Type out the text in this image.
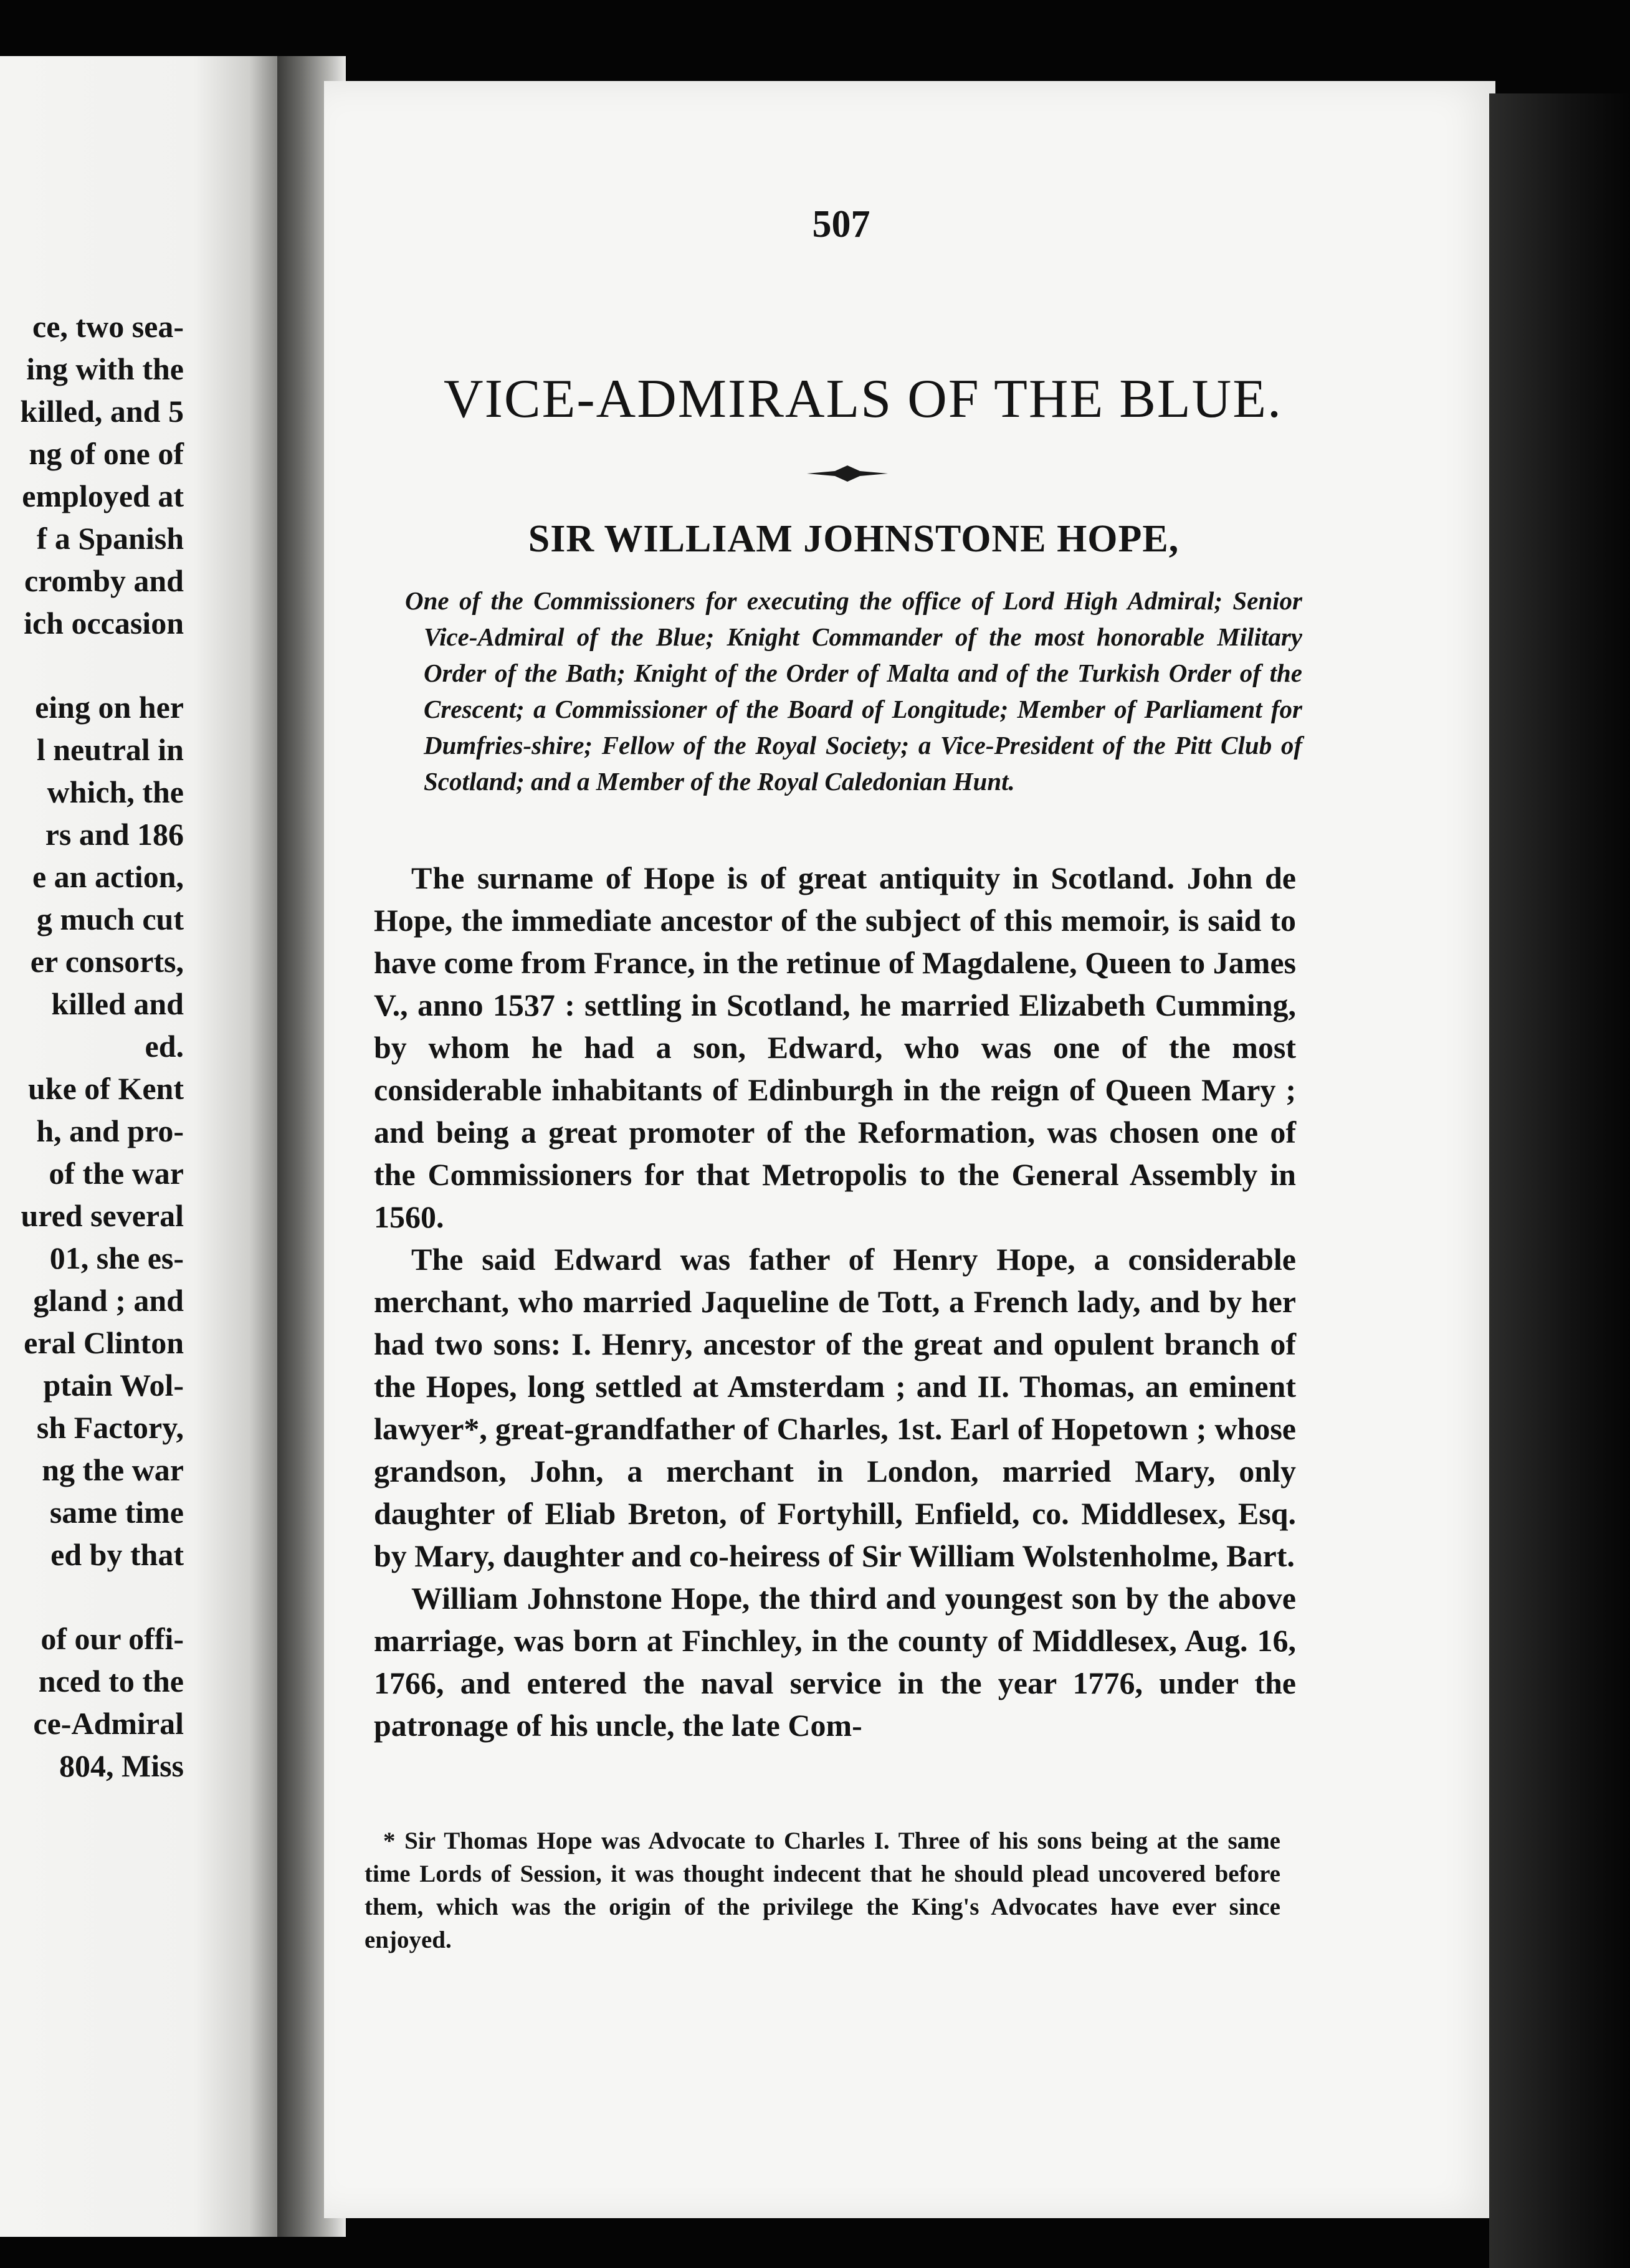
ce, two sea-
ing with the
killed, and 5
ng of one of
employed at
f a Spanish
cromby and
ich occasion
eing on her
l neutral in
which, the
rs and 186
e an action,
g much cut
er consorts,
killed and
ed.
uke of Kent
h, and pro-
of the war
ured several
01, she es-
gland ; and
eral Clinton
ptain Wol-
sh Factory,
ng the war
same time
ed by that
of our offi-
nced to the
ce-Admiral
804, Miss
507
VICE-ADMIRALS OF THE BLUE.
SIR WILLIAM JOHNSTONE HOPE,
One of the Commissioners for executing the office of Lord High Admiral; Senior Vice-Admiral of the Blue; Knight Commander of the most honorable Military Order of the Bath; Knight of the Order of Malta and of the Turkish Order of the Crescent; a Commissioner of the Board of Longitude; Member of Parliament for Dumfries-shire; Fellow of the Royal Society; a Vice-President of the Pitt Club of Scotland; and a Member of the Royal Caledonian Hunt.

The surname of Hope is of great antiquity in Scotland. John de Hope, the immediate ancestor of the subject of this memoir, is said to have come from France, in the retinue of Magdalene, Queen to James V., anno 1537 : settling in Scotland, he married Elizabeth Cumming, by whom he had a son, Edward, who was one of the most considerable inhabitants of Edinburgh in the reign of Queen Mary ; and being a great promoter of the Reformation, was chosen one of the Commissioners for that Metropolis to the General Assembly in 1560.

The said Edward was father of Henry Hope, a considerable merchant, who married Jaqueline de Tott, a French lady, and by her had two sons: I. Henry, ancestor of the great and opulent branch of the Hopes, long settled at Amsterdam ; and II. Thomas, an eminent lawyer*, great-grandfather of Charles, 1st. Earl of Hopetown ; whose grandson, John, a merchant in London, married Mary, only daughter of Eliab Breton, of Fortyhill, Enfield, co. Middlesex, Esq. by Mary, daughter and co-heiress of Sir William Wolstenholme, Bart.

William Johnstone Hope, the third and youngest son by the above marriage, was born at Finchley, in the county of Middlesex, Aug. 16, 1766, and entered the naval service in the year 1776, under the patronage of his uncle, the late Com-

* Sir Thomas Hope was Advocate to Charles I. Three of his sons being at the same time Lords of Session, it was thought indecent that he should plead uncovered before them, which was the origin of the privilege the King's Advocates have ever since enjoyed.
